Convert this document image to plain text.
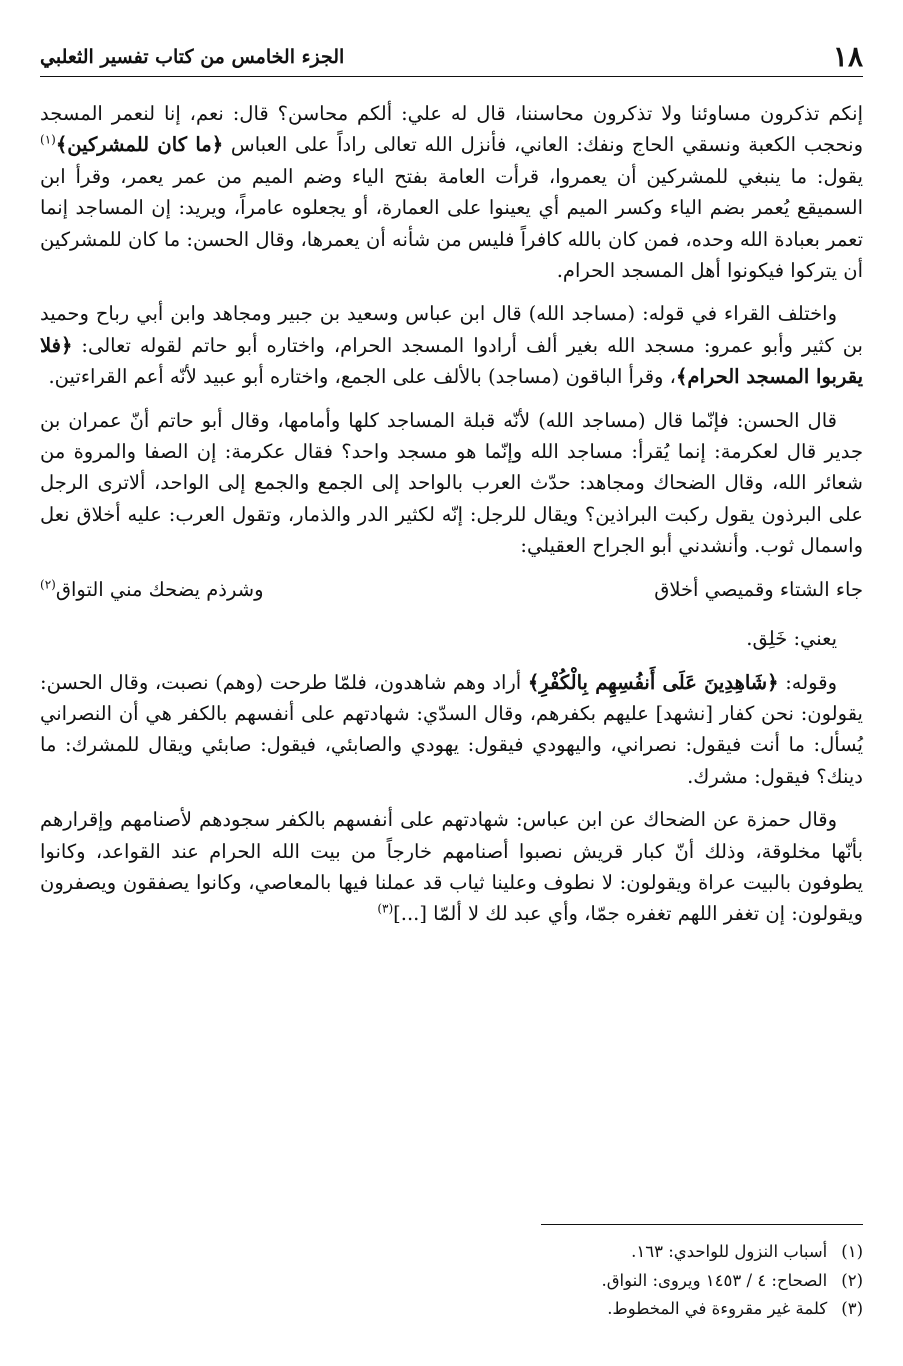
١٨
الجزء الخامس من كتاب تفسير الثعلبي

إنكم تذكرون مساوئنا ولا تذكرون محاسننا، قال له علي: ألكم محاسن؟ قال: نعم، إنا لنعمر المسجد ونحجب الكعبة ونسقي الحاج ونفك: العاني، فأنزل الله تعالى راداً على العباس ﴿ما كان للمشركين﴾$^{(١)}$ يقول: ما ينبغي للمشركين أن يعمروا، قرأت العامة بفتح الياء وضم الميم من عمر يعمر، وقرأ ابن السميقع يُعمر بضم الياء وكسر الميم أي يعينوا على العمارة، أو يجعلوه عامراً، ويريد: إن المساجد إنما تعمر بعبادة الله وحده، فمن كان بالله كافراً فليس من شأنه أن يعمرها، وقال الحسن: ما كان للمشركين أن يتركوا فيكونوا أهل المسجد الحرام.

واختلف القراء في قوله: (مساجد الله) قال ابن عباس وسعيد بن جبير ومجاهد وابن أبي رباح وحميد بن كثير وأبو عمرو: مسجد الله بغير ألف أرادوا المسجد الحرام، واختاره أبو حاتم لقوله تعالى: ﴿فلا يقربوا المسجد الحرام﴾، وقرأ الباقون (مساجد) بالألف على الجمع، واختاره أبو عبيد لأنّه أعم القراءتين.

قال الحسن: فإنّما قال (مساجد الله) لأنّه قبلة المساجد كلها وأمامها، وقال أبو حاتم أنّ عمران بن جدير قال لعكرمة: إنما يُقرأ: مساجد الله وإنّما هو مسجد واحد؟ فقال عكرمة: إن الصفا والمروة من شعائر الله، وقال الضحاك ومجاهد: حدّث العرب بالواحد إلى الجمع والجمع إلى الواحد، ألاترى الرجل على البرذون يقول ركبت البراذين؟ ويقال للرجل: إنّه لكثير الدر والذمار، وتقول العرب: عليه أخلاق نعل واسمال ثوب. وأنشدني أبو الجراح العقيلي:

جاء الشتاء وقميصي أخلاق
وشرذم يضحك مني التواق$^{(٢)}$

يعني: خَلِق.

وقوله: ﴿شَاهِدِينَ عَلَى أَنفُسِهِم بِالْكُفْرِ﴾ أراد وهم شاهدون، فلمّا طرحت (وهم) نصبت، وقال الحسن: يقولون: نحن كفار [نشهد] عليهم بكفرهم، وقال السدّي: شهادتهم على أنفسهم بالكفر هي أن النصراني يُسأل: ما أنت فيقول: نصراني، واليهودي فيقول: يهودي والصابئي، فيقول: صابئي ويقال للمشرك: ما دينك؟ فيقول: مشرك.

وقال حمزة عن الضحاك عن ابن عباس: شهادتهم على أنفسهم بالكفر سجودهم لأصنامهم وإقرارهم بأنّها مخلوقة، وذلك أنّ كبار قريش نصبوا أصنامهم خارجاً من بيت الله الحرام عند القواعد، وكانوا يطوفون بالبيت عراة ويقولون: لا نطوف وعلينا ثياب قد عملنا فيها بالمعاصي، وكانوا يصفقون ويصفرون ويقولون: إن تغفر اللهم تغفره جمّا، وأي عبد لك لا ألمّا [...]$^{(٣)}$

(١)
أسباب النزول للواحدي: ١٦٣.
(٢)
الصحاح: ٤ / ١٤٥٣ ويروى: النواق.
(٣)
كلمة غير مقروءة في المخطوط.
